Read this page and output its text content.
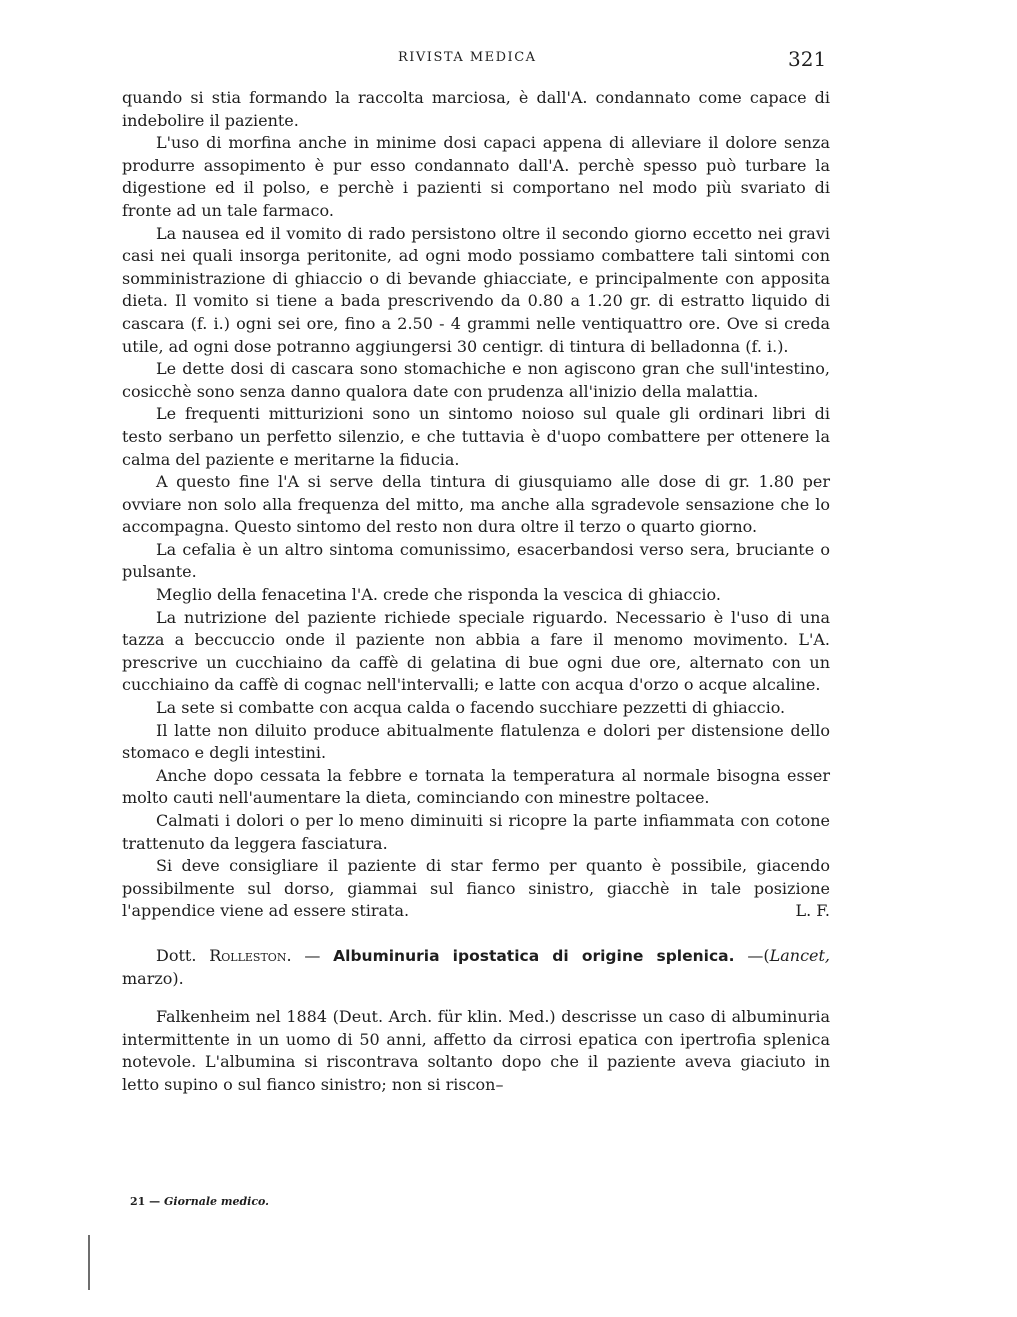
RIVISTA MEDICA	321

quando si stia formando la raccolta marciosa, è dall'A. condannato come capace di indebolire il paziente.

L'uso di morfina anche in minime dosi capaci appena di alleviare il dolore senza produrre assopimento è pur esso condannato dall'A. perchè spesso può turbare la digestione ed il polso, e perchè i pazienti si comportano nel modo più svariato di fronte ad un tale farmaco.

La nausea ed il vomito di rado persistono oltre il secondo giorno eccetto nei gravi casi nei quali insorga peritonite, ad ogni modo possiamo combattere tali sintomi con somministrazione di ghiaccio o di bevande ghiacciate, e principalmente con apposita dieta. Il vomito si tiene a bada prescrivendo da 0.80 a 1.20 gr. di estratto liquido di cascara (f. i.) ogni sei ore, fino a 2.50 - 4 grammi nelle ventiquattro ore. Ove si creda utile, ad ogni dose potranno aggiungersi 30 centigr. di tintura di belladonna (f. i.).

Le dette dosi di cascara sono stomachiche e non agiscono gran che sull'intestino, cosicchè sono senza danno qualora date con prudenza all'inizio della malattia.

Le frequenti mitturizioni sono un sintomo noioso sul quale gli ordinari libri di testo serbano un perfetto silenzio, e che tuttavia è d'uopo combattere per ottenere la calma del paziente e meritarne la fiducia.

A questo fine l'A si serve della tintura di giusquiamo alle dose di gr. 1.80 per ovviare non solo alla frequenza del mitto, ma anche alla sgradevole sensazione che lo accompagna. Questo sintomo del resto non dura oltre il terzo o quarto giorno.

La cefalia è un altro sintoma comunissimo, esacerbandosi verso sera, bruciante o pulsante.

Meglio della fenacetina l'A. crede che risponda la vescica di ghiaccio.

La nutrizione del paziente richiede speciale riguardo. Necessario è l'uso di una tazza a beccuccio onde il paziente non abbia a fare il menomo movimento. L'A. prescrive un cucchiaino da caffè di gelatina di bue ogni due ore, alternato con un cucchiaino da caffè di cognac nell'intervalli; e latte con acqua d'orzo o acque alcaline.

La sete si combatte con acqua calda o facendo succhiare pezzetti di ghiaccio.

Il latte non diluito produce abitualmente flatulenza e dolori per distensione dello stomaco e degli intestini.

Anche dopo cessata la febbre e tornata la temperatura al normale bisogna esser molto cauti nell'aumentare la dieta, cominciando con minestre poltacee.

Calmati i dolori o per lo meno diminuiti si ricopre la parte infiammata con cotone trattenuto da leggera fasciatura.

Si deve consigliare il paziente di star fermo per quanto è possibile, giacendo possibilmente sul dorso, giammai sul fianco sinistro, giacchè in tale posizione l'appendice viene ad essere stirata.	L. F.

Dott. Rolleston. — Albuminuria ipostatica di origine splenica. —(Lancet, marzo).

Falkenheim nel 1884 (Deut. Arch. für klin. Med.) descrisse un caso di albuminuria intermittente in un uomo di 50 anni, affetto da cirrosi epatica con ipertrofia splenica notevole. L'albumina si riscontrava soltanto dopo che il paziente aveva giaciuto in letto supino o sul fianco sinistro; non si riscon–

21 — Giornale medico.
